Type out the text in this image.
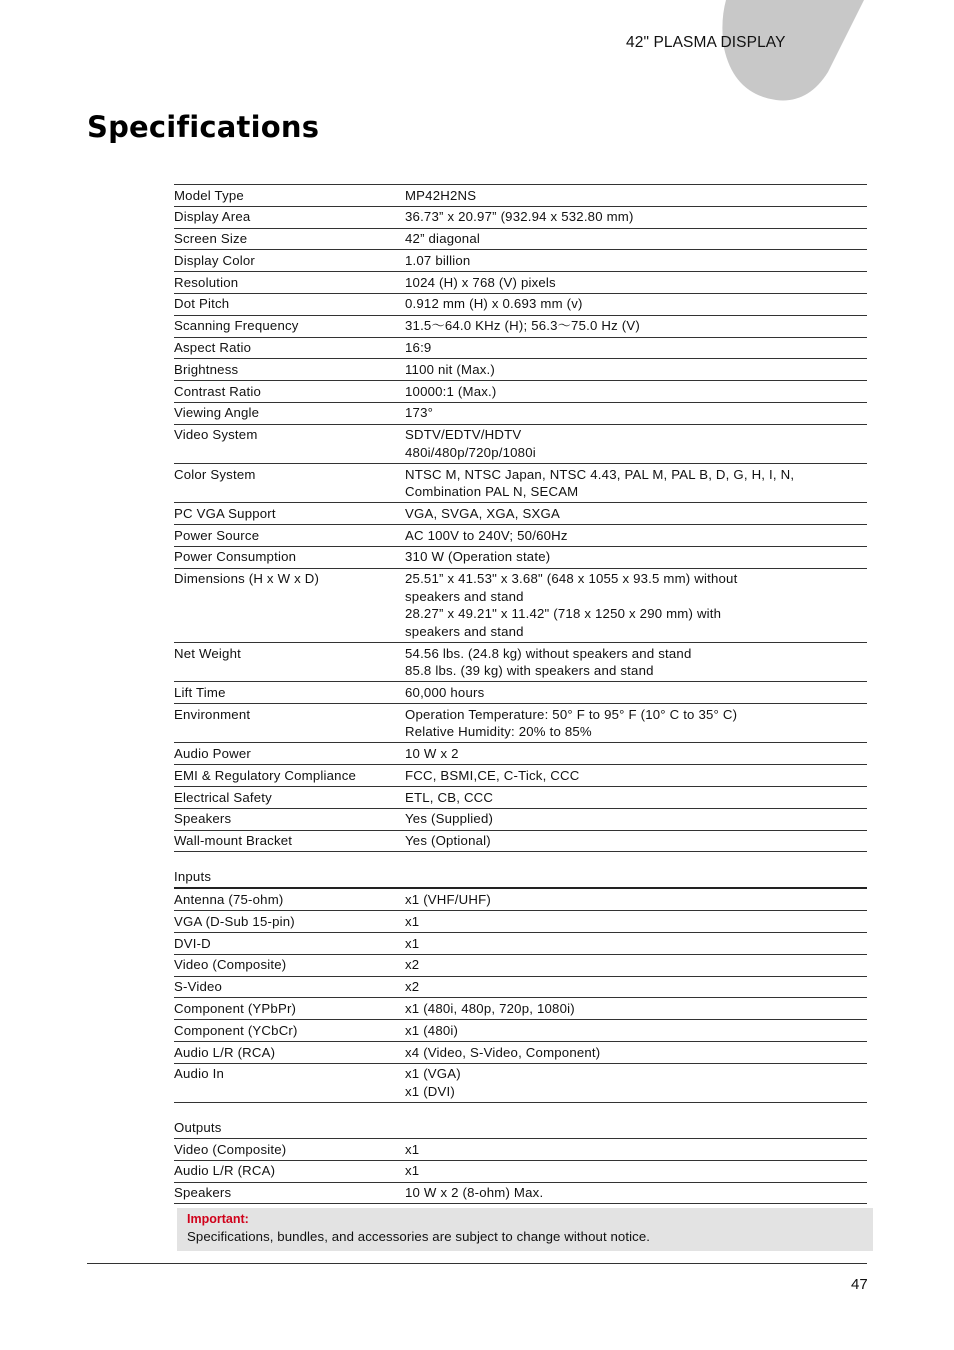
42" PLASMA DISPLAY
Specifications
Model Type	MP42H2NS

Display Area	36.73” x 20.97” (932.94 x 532.80 mm)

Screen Size	42” diagonal

Display Color	1.07 billion

Resolution	1024 (H) x 768 (V) pixels

Dot Pitch	0.912 mm (H) x 0.693 mm (v)

Scanning Frequency	31.5～64.0 KHz (H); 56.3～75.0 Hz (V)

Aspect Ratio	16:9

Brightness	1100 nit (Max.)

Contrast Ratio	10000:1 (Max.)

Viewing Angle	173°

Video System	SDTV/EDTV/HDTV
480i/480p/720p/1080i

Color System	NTSC M, NTSC Japan, NTSC 4.43, PAL M, PAL B, D, G, H, I, N,
Combination PAL N, SECAM

PC VGA Support	VGA, SVGA, XGA, SXGA

Power Source	AC 100V to 240V; 50/60Hz

Power Consumption	310 W (Operation state)

Dimensions (H x W x D)	25.51” x 41.53" x 3.68" (648 x 1055 x 93.5 mm) without
speakers and stand
28.27” x 49.21" x 11.42" (718 x 1250 x 290 mm) with
speakers and stand

Net Weight	54.56 lbs. (24.8 kg) without speakers and stand
85.8 lbs. (39 kg) with speakers and stand

Lift Time	60,000 hours

Environment	Operation Temperature: 50° F to 95° F (10° C to 35° C)
Relative Humidity: 20% to 85%

Audio Power	10 W x 2

EMI & Regulatory Compliance	FCC, BSMI,CE, C-Tick, CCC

Electrical Safety	ETL, CB, CCC

Speakers	Yes (Supplied)

Wall-mount Bracket	Yes (Optional)
Inputs
Antenna (75-ohm)	x1 (VHF/UHF)

VGA (D-Sub 15-pin)	x1

DVI-D	x1

Video (Composite)	x2

S-Video	x2

Component (YPbPr)	x1 (480i, 480p, 720p, 1080i)

Component (YCbCr)	x1 (480i)

Audio L/R (RCA)	x4 (Video, S-Video, Component)

Audio In	x1 (VGA)
x1 (DVI)
Outputs
Video (Composite)	x1

Audio L/R (RCA)	x1

Speakers	10 W x 2 (8-ohm) Max.
Important:
Specifications, bundles, and accessories are subject to change without notice.
47
